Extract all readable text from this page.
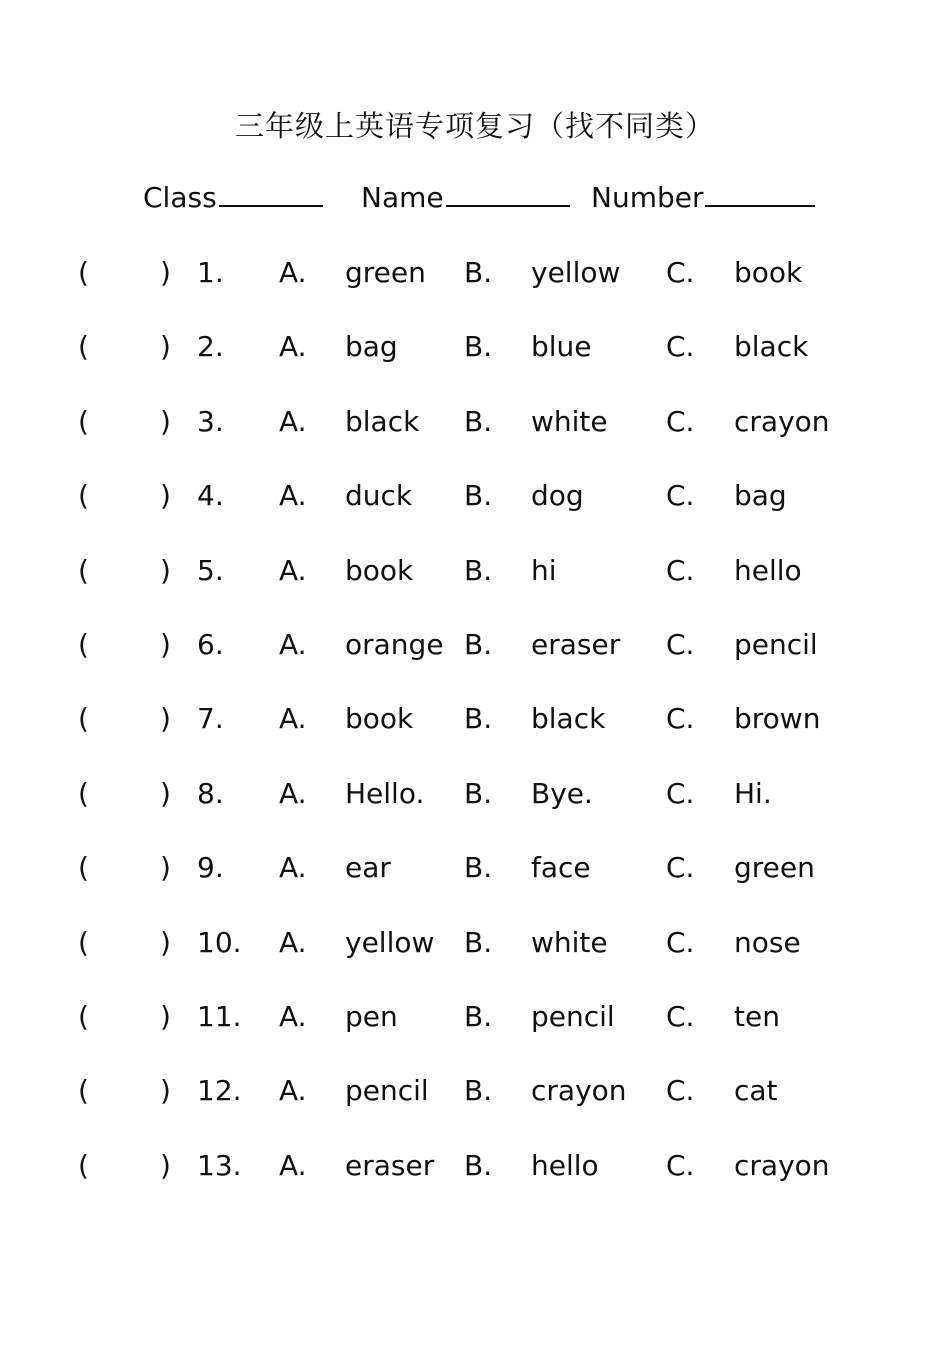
三年级上英语专项复习（找不同类）
Class	Name	Number
(	) 1. A. green B. yellow C. book
(	) 2. A. bag B. blue	C. black
(	) 3. A. black B. white C. crayon
(	) 4. A. duck B. dog	C. bag
(	) 5. A. book B. hi	C. hello
(	) 6. A. orange B. eraser C. pencil
(	) 7. A. book B. black C. brown
(	) 8. A. Hello. B. Bye.	C. Hi.
(	) 9. A. ear	B. face	C. green
(	) 10. A. yellow B. white C. nose
(	) 11. A. pen B. pencil C. ten
(	) 12. A. pencil B. crayon C. cat
(	) 13. A. eraser B. hello C. crayon
